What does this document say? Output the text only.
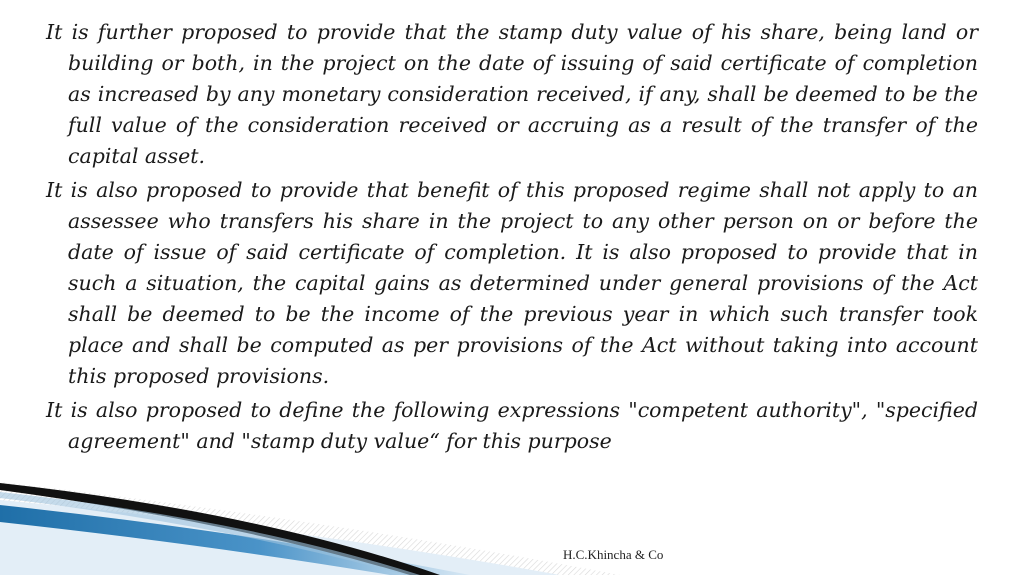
It is further proposed to provide that the stamp duty value of his share, being land or building or both, in the project on the date of issuing of said certificate of completion as increased by any monetary consideration received, if any, shall be deemed to be the full value of the consideration received or accruing as a result of the transfer of the capital asset.

It is also proposed to provide that benefit of this proposed regime shall not apply to an assessee who transfers his share in the project to any other person on or before the date of issue of said certificate of completion. It is also proposed to provide that in such a situation, the capital gains as determined under general provisions of the Act shall be deemed to be the income of the previous year in which such transfer took place and shall be computed as per provisions of the Act without taking into account this proposed provisions.

It is also proposed to define the following expressions "competent authority", "specified agreement" and "stamp duty value“ for this purpose

H.C.Khincha & Co
